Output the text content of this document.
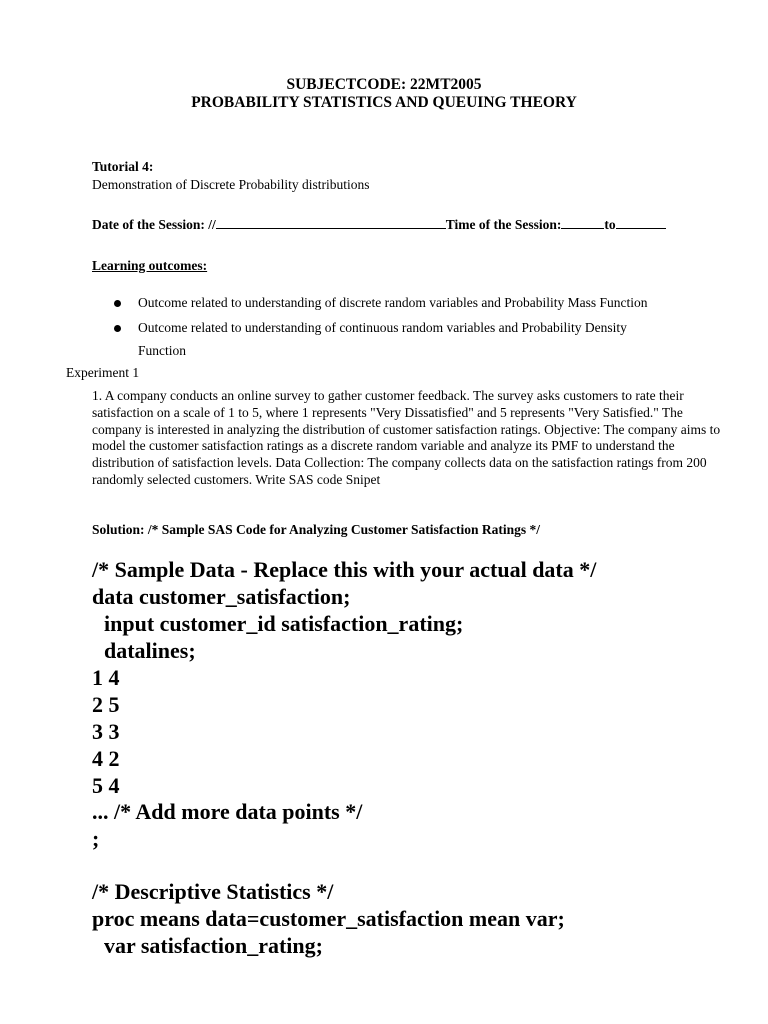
SUBJECTCODE: 22MT2005
PROBABILITY STATISTICS AND QUEUING THEORY
Tutorial 4:
Demonstration of Discrete Probability distributions
Date of the Session: //	Time of the Session:	to
Learning outcomes:
Outcome related to understanding of discrete random variables and Probability Mass Function
Outcome related to understanding of continuous random variables and Probability Density
Function
Experiment 1
1. A company conducts an online survey to gather customer feedback. The survey asks customers to rate their satisfaction on a scale of 1 to 5, where 1 represents "Very Dissatisfied" and 5 represents "Very Satisfied." The company is interested in analyzing the distribution of customer satisfaction ratings. Objective: The company aims to model the customer satisfaction ratings as a discrete random variable and analyze its PMF to understand the distribution of satisfaction levels. Data Collection: The company collects data on the satisfaction ratings from 200 randomly selected customers. Write SAS code Snipet
Solution: /* Sample SAS Code for Analyzing Customer Satisfaction Ratings */
/* Sample Data - Replace this with your actual data */
data customer_satisfaction;
input customer_id satisfaction_rating;
datalines;
1 4
2 5
3 3
4 2
5 4
... /* Add more data points */
;
/* Descriptive Statistics */
proc means data=customer_satisfaction mean var;
var satisfaction_rating;
